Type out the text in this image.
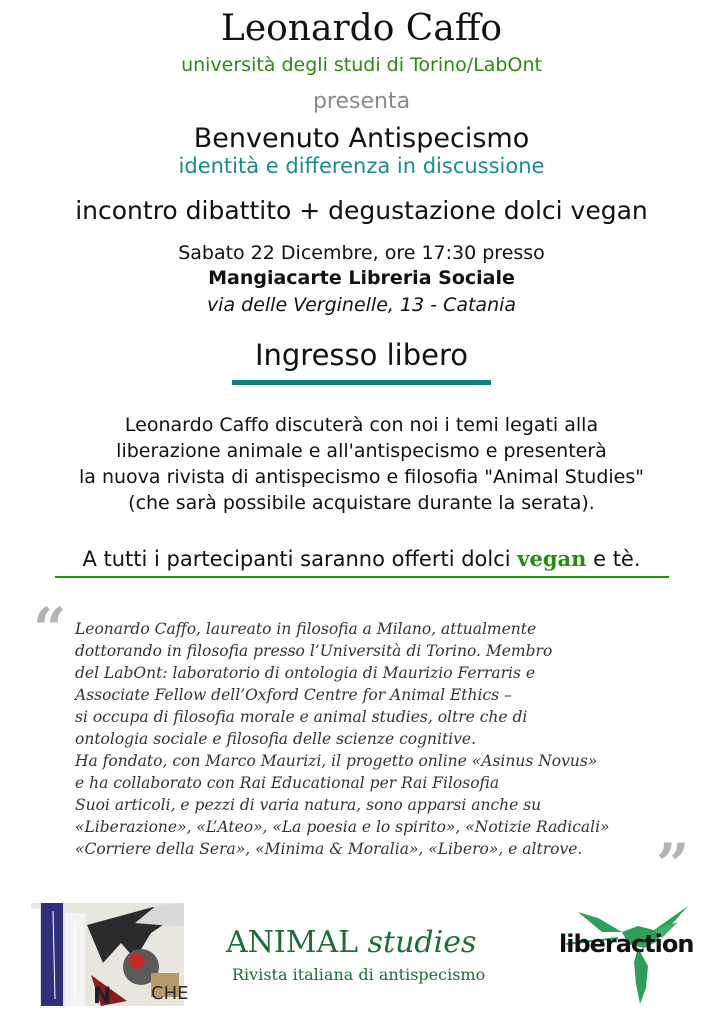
Leonardo Caffo
università degli studi di Torino/LabOnt
presenta
Benvenuto Antispecismo
identità e differenza in discussione
incontro dibattito + degustazione dolci vegan
Sabato 22 Dicembre, ore 17:30 presso
Mangiacarte Libreria Sociale
via delle Verginelle, 13 - Catania
Ingresso libero
Leonardo Caffo discuterà con noi i temi legati alla
liberazione animale e all'antispecismo e presenterà
la nuova rivista di antispecismo e filosofia "Animal Studies"
(che sarà possibile acquistare durante la serata).
A tutti i partecipanti saranno offerti dolci vegan e tè.
“ Leonardo Caffo, laureato in filosofia a Milano, attualmente
dottorando in filosofia presso l’Università di Torino. Membro
del LabOnt: laboratorio di ontologia di Maurizio Ferraris e
Associate Fellow dell’Oxford Centre for Animal Ethics –
si occupa di filosofia morale e animal studies, oltre che di
ontologia sociale e filosofia delle scienze cognitive.
Ha fondato, con Marco Maurizi, il progetto online «Asinus Novus»
e ha collaborato con Rai Educational per Rai Filosofia
Suoi articoli, e pezzi di varia natura, sono apparsi anche su
«Liberazione», «L’Ateo», «La poesia e lo spirito», «Notizie Radicali»
«Corriere della Sera», «Minima & Moralia», «Libero», e altrove.	”
N CHE
ANIMAL studies
Rivista italiana di antispecismo
liberaction
